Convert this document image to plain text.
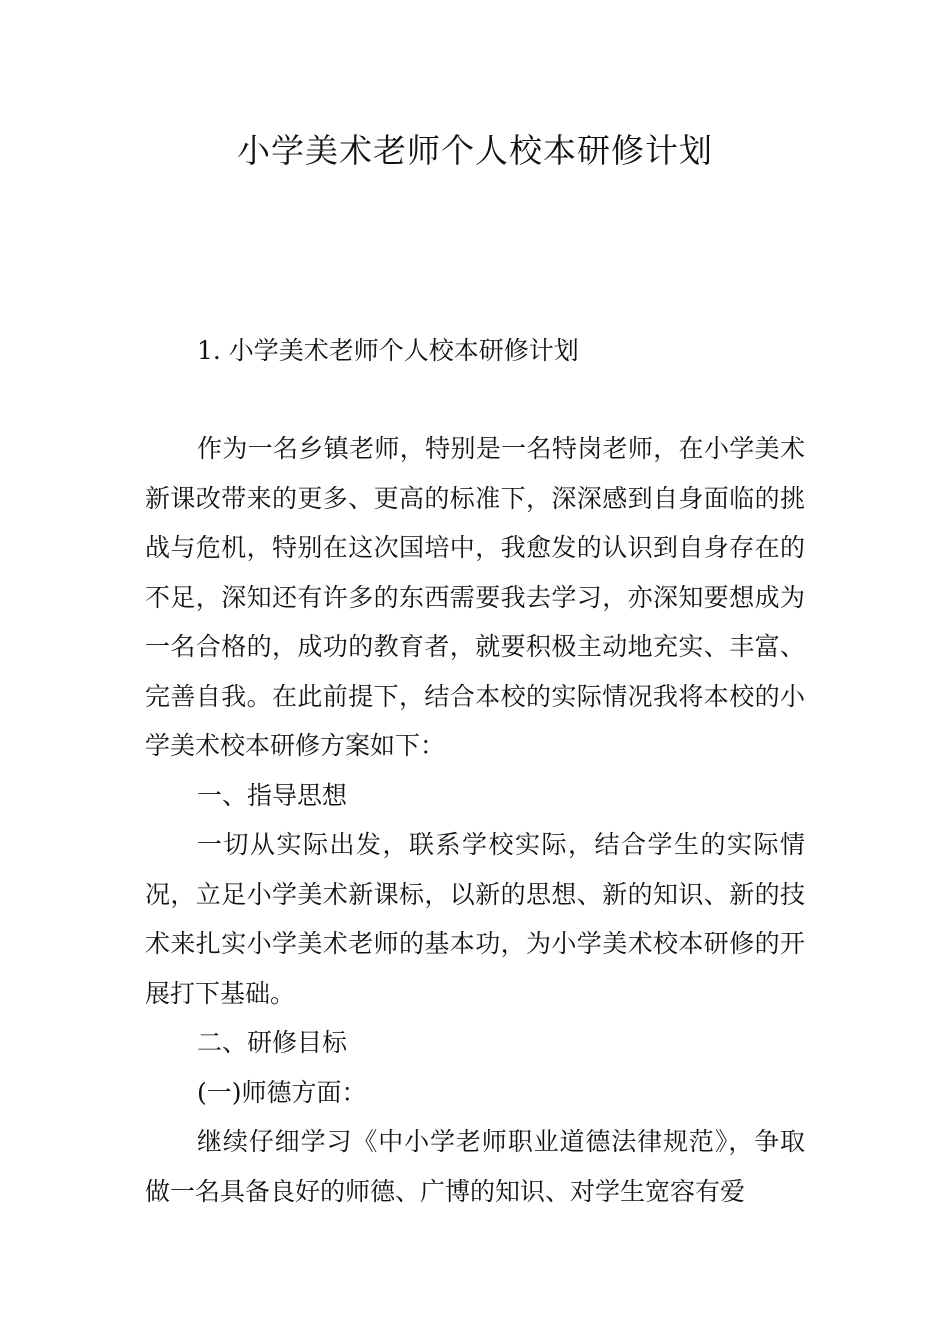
小学美术老师个人校本研修计划
1. 小学美术老师个人校本研修计划

作为一名乡镇老师，特别是一名特岗老师，在小学美术新课改带来的更多、更高的标准下，深深感到自身面临的挑战与危机，特别在这次国培中，我愈发的认识到自身存在的不足，深知还有许多的东西需要我去学习，亦深知要想成为一名合格的，成功的教育者，就要积极主动地充实、丰富、完善自我。在此前提下，结合本校的实际情况我将本校的小学美术校本研修方案如下：

一、指导思想

一切从实际出发，联系学校实际，结合学生的实际情况，立足小学美术新课标，以新的思想、新的知识、新的技术来扎实小学美术老师的基本功，为小学美术校本研修的开展打下基础。

二、研修目标

(一)师德方面：

继续仔细学习《中小学老师职业道德法律规范》，争取做一名具备良好的师德、广博的知识、对学生宽容有爱
